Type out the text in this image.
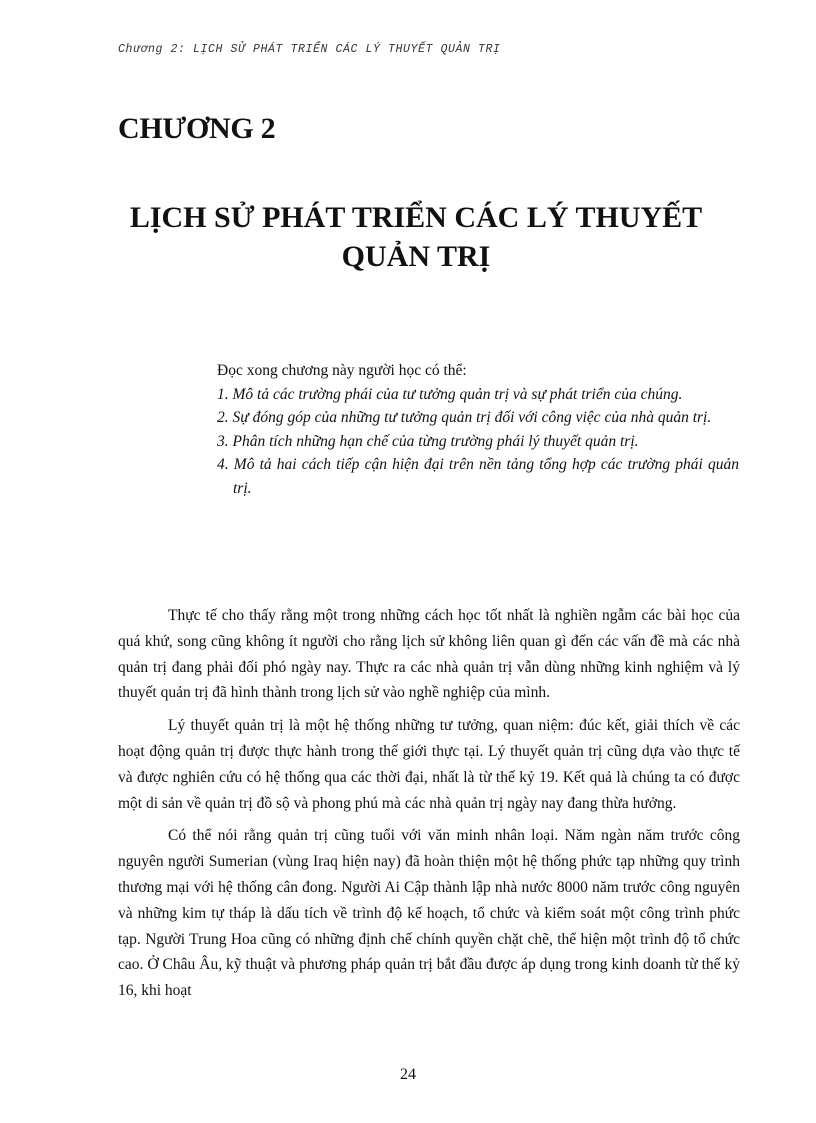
Chương 2: LỊCH SỬ PHÁT TRIỂN CÁC LÝ THUYẾT QUẢN TRỊ
CHƯƠNG 2
LỊCH SỬ PHÁT TRIỂN CÁC LÝ THUYẾT
QUẢN TRỊ

Đọc xong chương này người học có thể:

1. Mô tả các trường phái của tư tưởng quản trị và sự phát triển của chúng.
2. Sự đóng góp của những tư tưởng quản trị đối với công việc của nhà quản trị.
3. Phân tích những hạn chế của từng trường phái lý thuyết quản trị.
4. Mô tả hai cách tiếp cận hiện đại trên nền tảng tổng hợp các trường phái quản trị.

Thực tế cho thấy rằng một trong những cách học tốt nhất là nghiền ngẫm các bài học của quá khứ, song cũng không ít người cho rằng lịch sử không liên quan gì đến các vấn đề mà các nhà quản trị đang phải đối phó ngày nay. Thực ra các nhà quản trị vẫn dùng những kinh nghiệm và lý thuyết quản trị đã hình thành trong lịch sử vào nghề nghiệp của mình.

Lý thuyết quản trị là một hệ thống những tư tưởng, quan niệm: đúc kết, giải thích về các hoạt động quản trị được thực hành trong thế giới thực tại. Lý thuyết quản trị cũng dựa vào thực tế và được nghiên cứu có hệ thống qua các thời đại, nhất là từ thế kỷ 19. Kết quả là chúng ta có được một di sản về quản trị đồ sộ và phong phú mà các nhà quản trị ngày nay đang thừa hưởng.

Có thể nói rằng quản trị cũng tuổi với văn minh nhân loại. Năm ngàn năm trước công nguyên người Sumerian (vùng Iraq hiện nay) đã hoàn thiện một hệ thống phức tạp những quy trình thương mại với hệ thống cân đong. Người Ai Cập thành lập nhà nước 8000 năm trước công nguyên và những kim tự tháp là dấu tích về trình độ kế hoạch, tổ chức và kiểm soát một công trình phức tạp. Người Trung Hoa cũng có những định chế chính quyền chặt chẽ, thể hiện một trình độ tổ chức cao. Ở Châu Âu, kỹ thuật và phương pháp quản trị bắt đầu được áp dụng trong kinh doanh từ thế kỷ 16, khi hoạt

24
